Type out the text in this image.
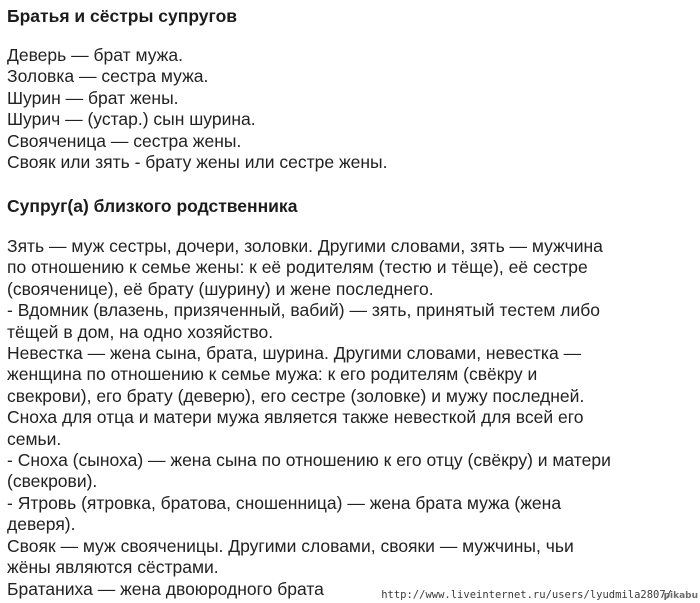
Братья и сёстры супругов
Деверь — брат мужа.
Золовка — сестра мужа.
Шурин — брат жены.
Шурич — (устар.) сын шурина.
Свояченица — сестра жены.
Свояк или зять - брату жены или сестре жены.
Супруг(а) близкого родственника
Зять — муж сестры, дочери, золовки. Другими словами, зять — мужчина
по отношению к семье жены: к её родителям (тестю и тёще), её сестре
(свояченице), её брату (шурину) и жене последнего.
- Вдомник (влазень, призяченный, вабий) — зять, принятый тестем либо
тёщей в дом, на одно хозяйство.
Невестка — жена сына, брата, шурина. Другими словами, невестка —
женщина по отношению к семье мужа: к его родителям (свёкру и
свекрови), его брату (деверю), его сестре (золовке) и мужу последней.
Сноха для отца и матери мужа является также невесткой для всей его
семьи.
- Сноха (сыноха) — жена сына по отношению к его отцу (свёкру) и матери
(свекрови).
- Ятровь (ятровка, братова, сношенница) — жена брата мужа (жена
деверя).
Свояк — муж свояченицы. Другими словами, свояки — мужчины, чьи
жёны являются сёстрами.
Братаниха — жена двоюродного брата	http://www.liveinternet.ru/users/lyudmila2807/
pikabu
